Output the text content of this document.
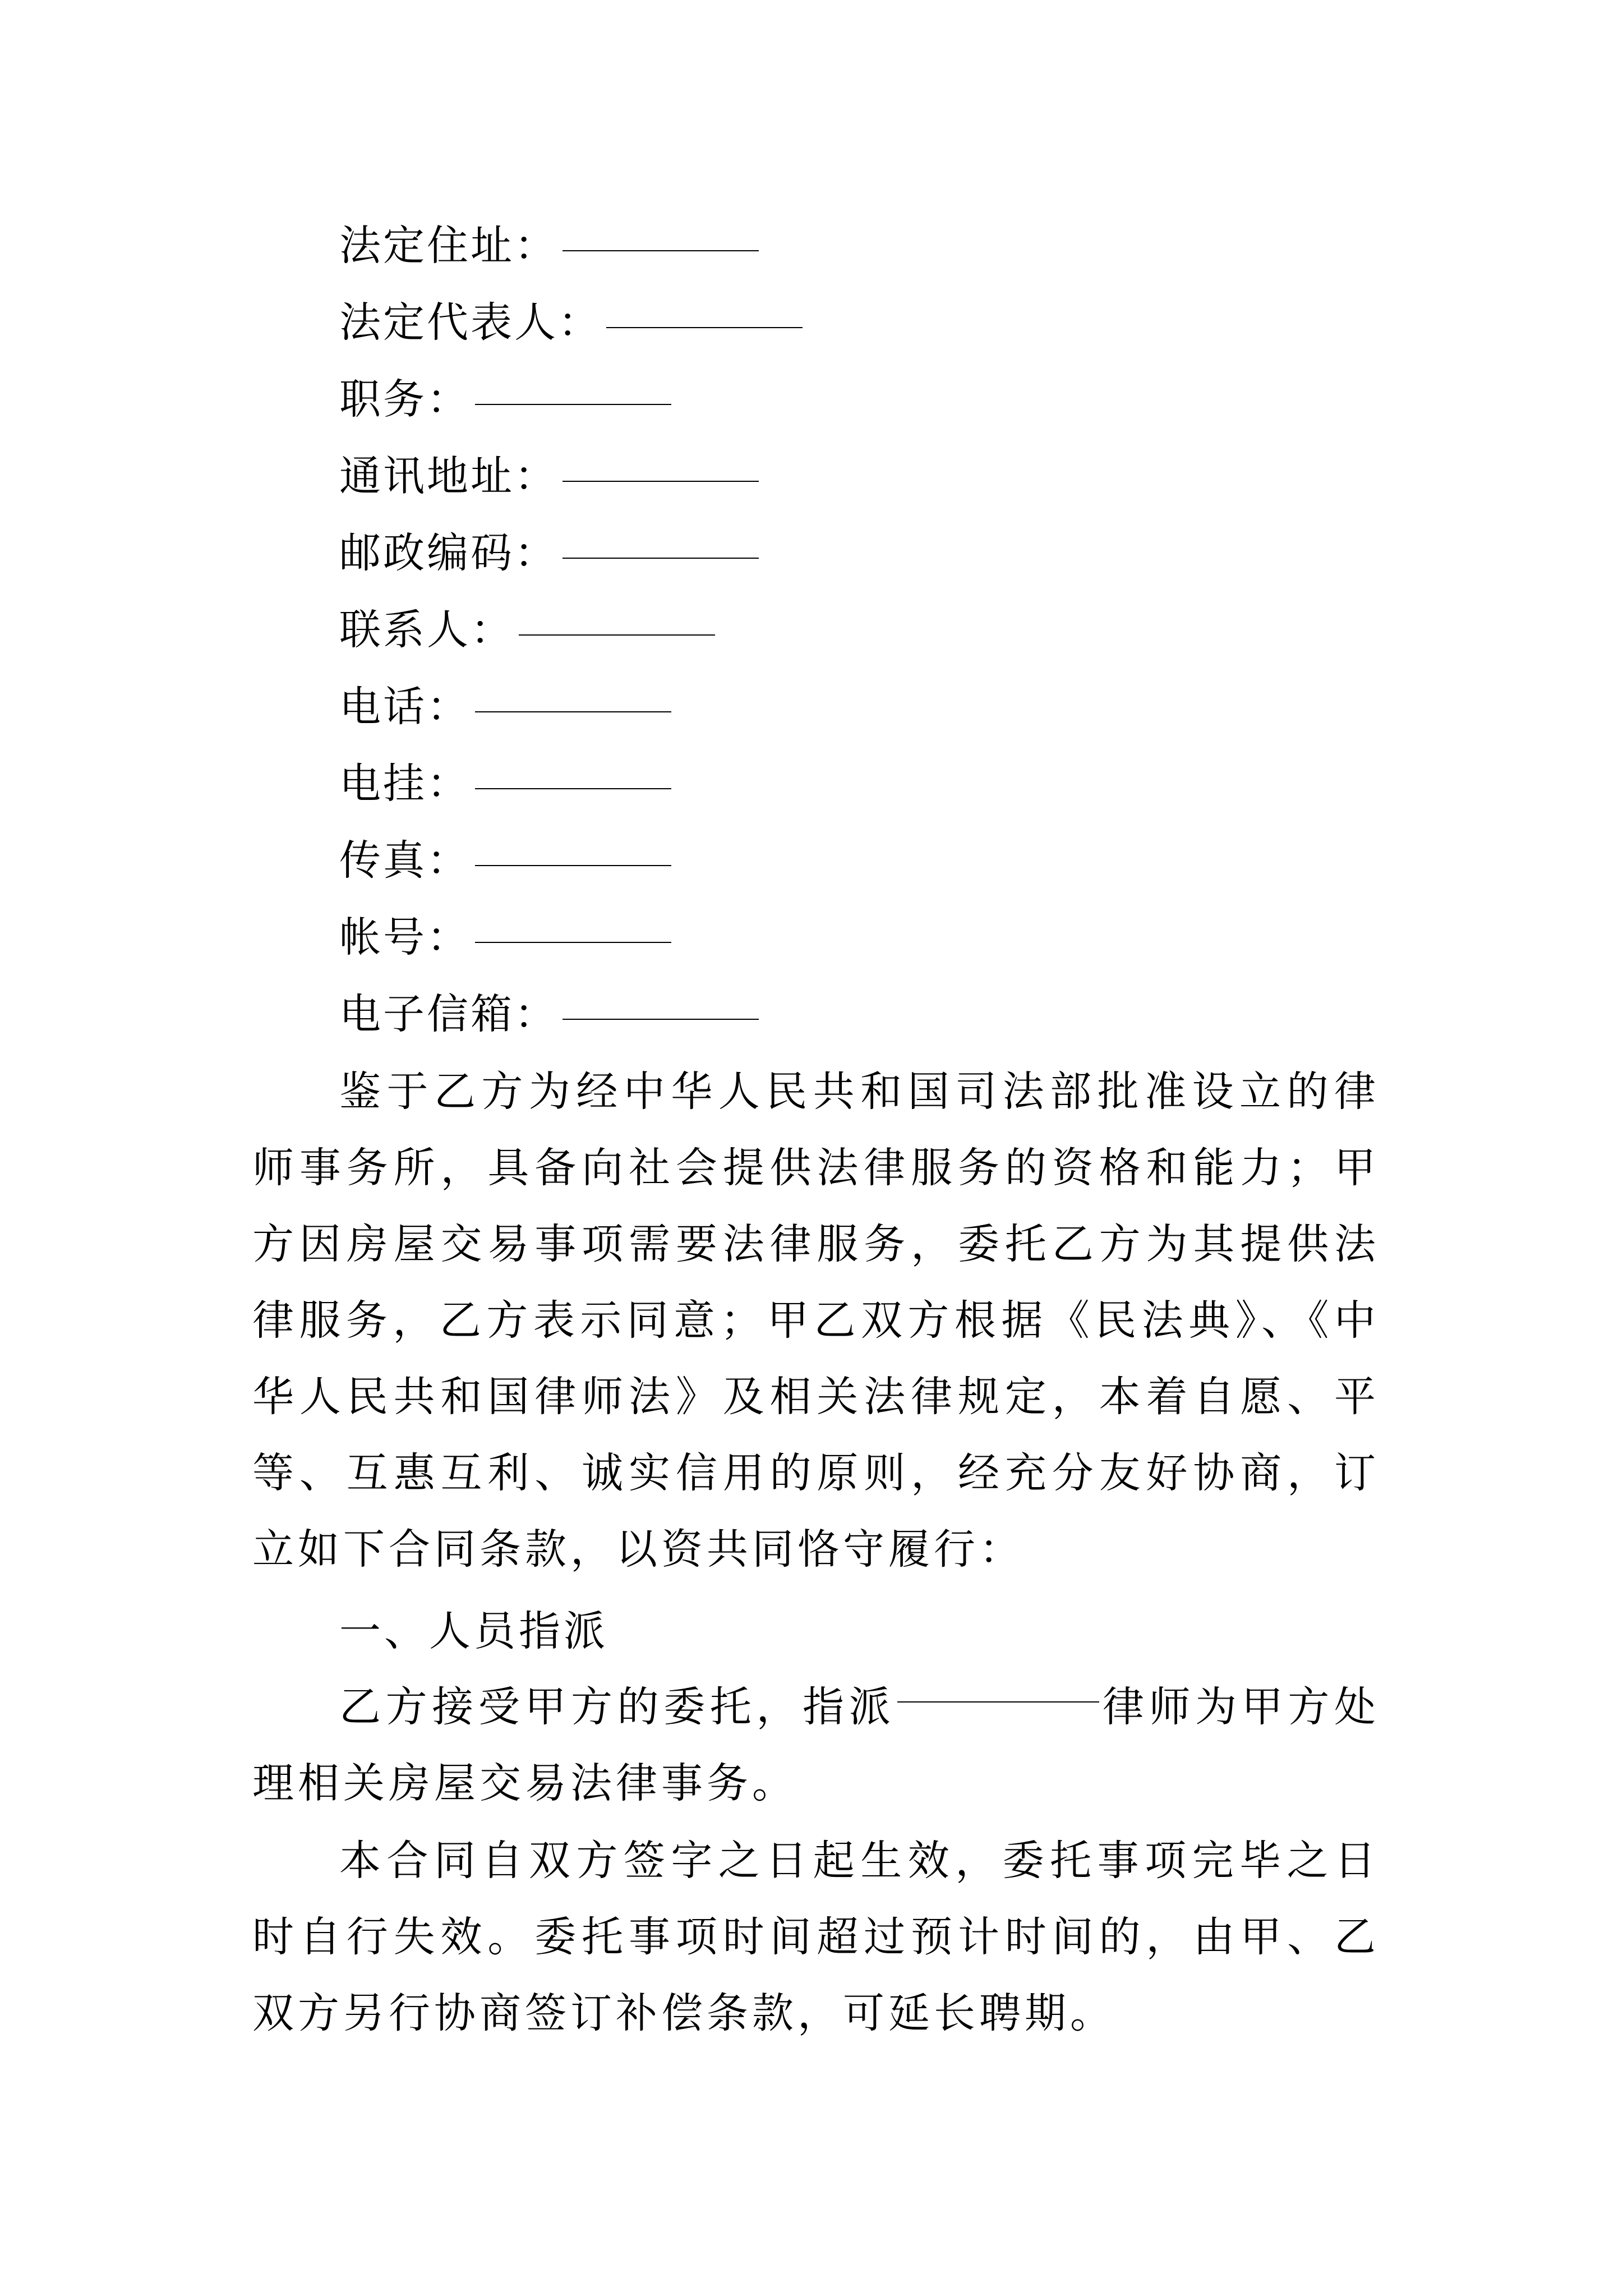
法定住址：
法定代表人：
职务：
通讯地址：
邮政编码：
联系人：
电话：
电挂：
传真：
帐号：
电子信箱：

鉴于乙方为经中华人民共和国司法部批准设立的律师事务所，具备向社会提供法律服务的资格和能力；甲方因房屋交易事项需要法律服务，委托乙方为其提供法律服务，乙方表示同意；甲乙双方根据《民法典》、《中华人民共和国律师法》及相关法律规定，本着自愿、平等、互惠互利、诚实信用的原则，经充分友好协商，订立如下合同条款，以资共同恪守履行：

一、人员指派

乙方接受甲方的委托，指派	律师为甲方处理相关房屋交易法律事务。

本合同自双方签字之日起生效，委托事项完毕之日时自行失效。委托事项时间超过预计时间的，由甲、乙双方另行协商签订补偿条款，可延长聘期。
